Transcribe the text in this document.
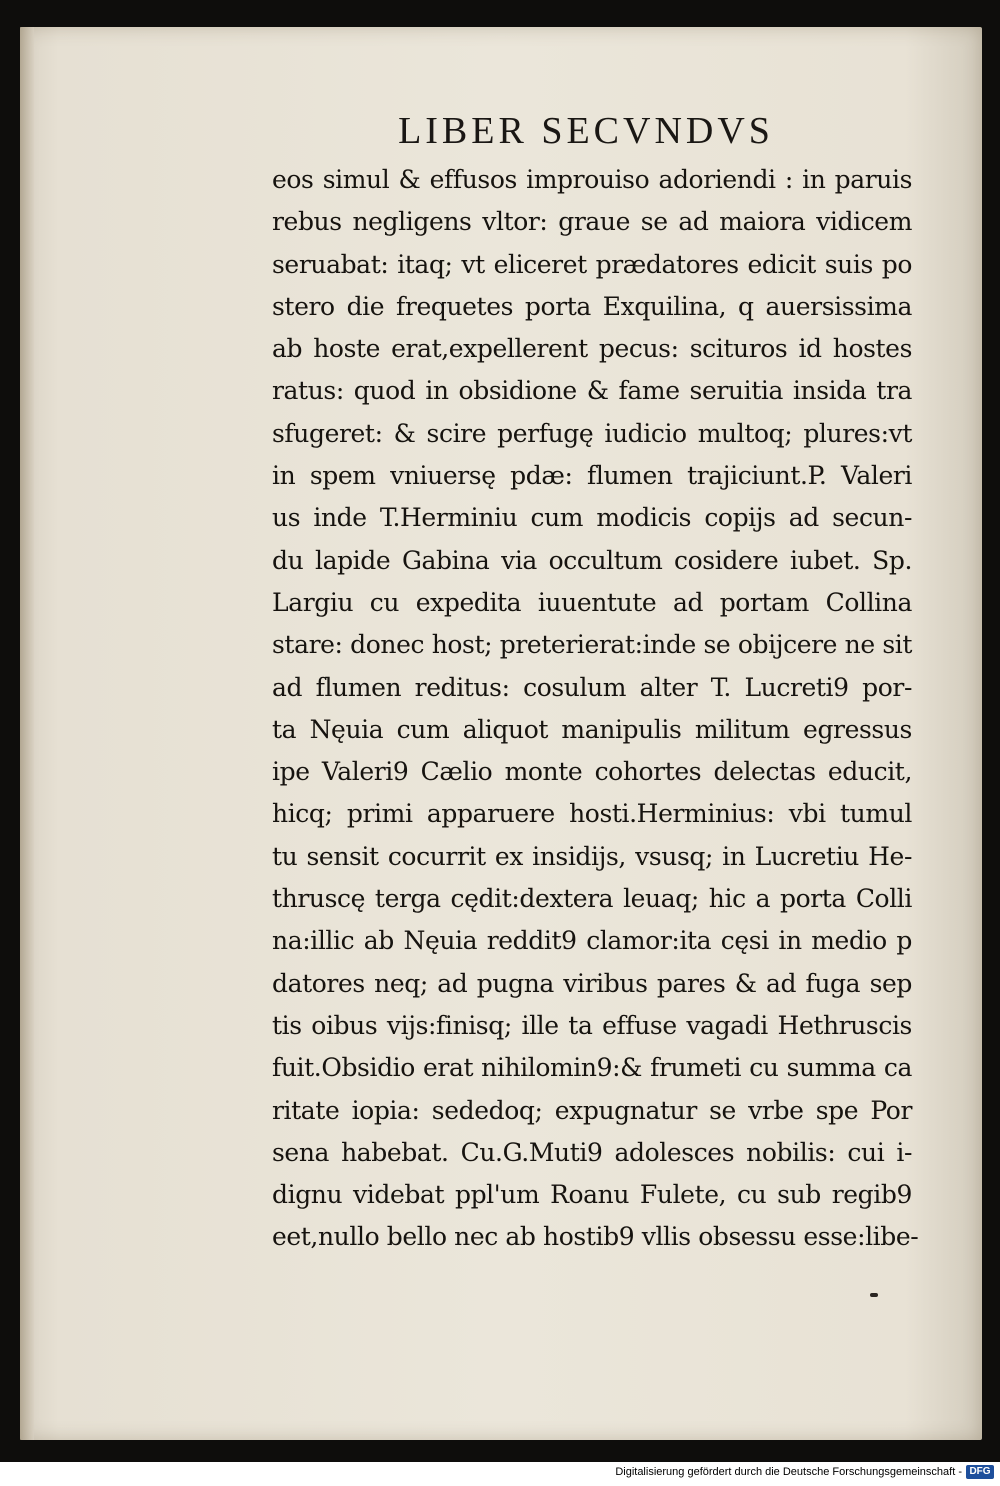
LIBER SECVNDVS
eos simul & effusos improuiso adoriendi : in paruis
rebus negligens vltor: graue se ad maiora vidicem
seruabat: itaq; vt eliceret prædatores edicit suis po
stero die frequetes porta Exquilina, q auersissima
ab hoste erat,expellerent pecus: scituros id hostes
ratus: quod in obsidione & fame seruitia insida tra
sfugeret: & scire perfugę iudicio multoq; plures:vt
in spem vniuersę pdæ: flumen trajiciunt.P. Valeri
us inde T.Herminiu cum modicis copijs ad secun-
du lapide Gabina via occultum cosidere iubet. Sp.
Largiu cu expedita iuuentute ad portam Collina
stare: donec host; preterierat:inde se obijcere ne sit
ad flumen reditus: cosulum alter T. Lucreti9 por-
ta Nęuia cum aliquot manipulis militum egressus
ipe Valeri9 Cælio monte cohortes delectas educit,
hicq; primi apparuere hosti.Herminius: vbi tumul
tu sensit cocurrit ex insidijs, vsusq; in Lucretiu He-
thruscę terga cędit:dextera leuaq; hic a porta Colli
na:illic ab Nęuia reddit9 clamor:ita cęsi in medio p
datores neq; ad pugna viribus pares & ad fuga sep
tis oibus vijs:finisq; ille ta effuse vagadi Hethruscis
fuit.Obsidio erat nihilomin9:& frumeti cu summa ca
ritate iopia: sededoq; expugnatur se vrbe spe Por
sena habebat. Cu.G.Muti9 adolesces nobilis: cui i-
dignu videbat ppl'um Roanu Fulete, cu sub regib9
eet,nullo bello nec ab hostib9 vllis obsessu esse:libe-
Digitalisierung gefördert durch die Deutsche Forschungsgemeinschaft - DFG
